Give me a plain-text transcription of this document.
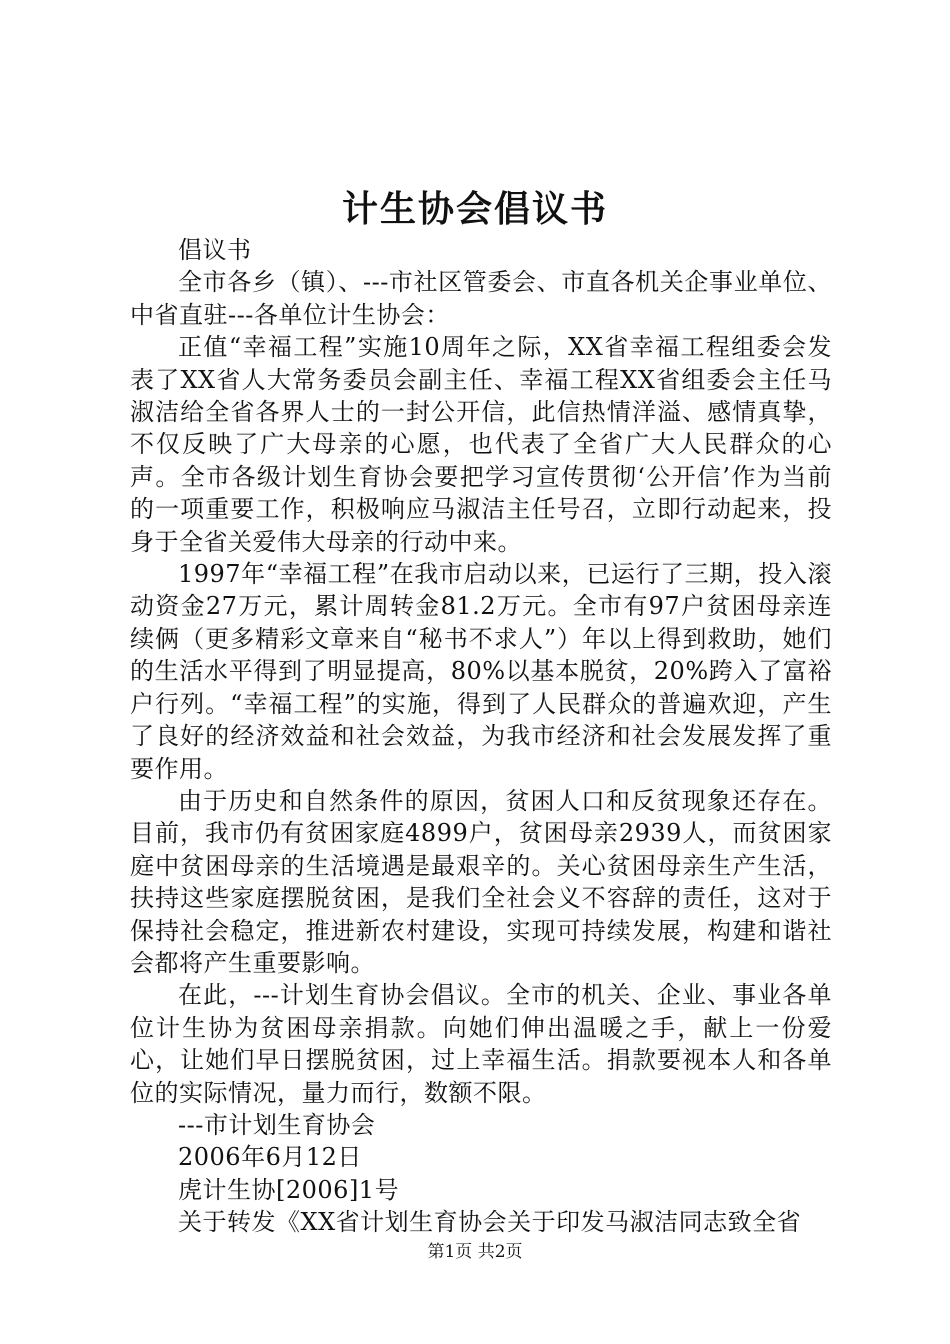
计生协会倡议书

倡议书

全市各乡（镇）、---市社区管委会、市直各机关企事业单位、中省直驻---各单位计生协会：

正值“幸福工程”实施10周年之际，XX省幸福工程组委会发表了XX省人大常务委员会副主任、幸福工程XX省组委会主任马淑洁给全省各界人士的一封公开信，此信热情洋溢、感情真挚，不仅反映了广大母亲的心愿，也代表了全省广大人民群众的心声。全市各级计划生育协会要把学习宣传贯彻‘公开信’作为当前的一项重要工作，积极响应马淑洁主任号召，立即行动起来，投身于全省关爱伟大母亲的行动中来。

1997年“幸福工程”在我市启动以来，已运行了三期，投入滚动资金27万元，累计周转金81.2万元。全市有97户贫困母亲连续俩（更多精彩文章来自“秘书不求人”）年以上得到救助，她们的生活水平得到了明显提高，80%以基本脱贫，20%跨入了富裕户行列。“幸福工程”的实施，得到了人民群众的普遍欢迎，产生了良好的经济效益和社会效益，为我市经济和社会发展发挥了重要作用。

由于历史和自然条件的原因，贫困人口和反贫现象还存在。目前，我市仍有贫困家庭4899户，贫困母亲2939人，而贫困家庭中贫困母亲的生活境遇是最艰辛的。关心贫困母亲生产生活，扶持这些家庭摆脱贫困，是我们全社会义不容辞的责任，这对于保持社会稳定，推进新农村建设，实现可持续发展，构建和谐社会都将产生重要影响。

在此，---计划生育协会倡议。全市的机关、企业、事业各单位计生协为贫困母亲捐款。向她们伸出温暖之手，献上一份爱心，让她们早日摆脱贫困，过上幸福生活。捐款要视本人和各单位的实际情况，量力而行，数额不限。

---市计划生育协会

2006年6月12日

虎计生协[2006]1号

关于转发《XX省计划生育协会关于印发马淑洁同志致全省

第1页 共2页
